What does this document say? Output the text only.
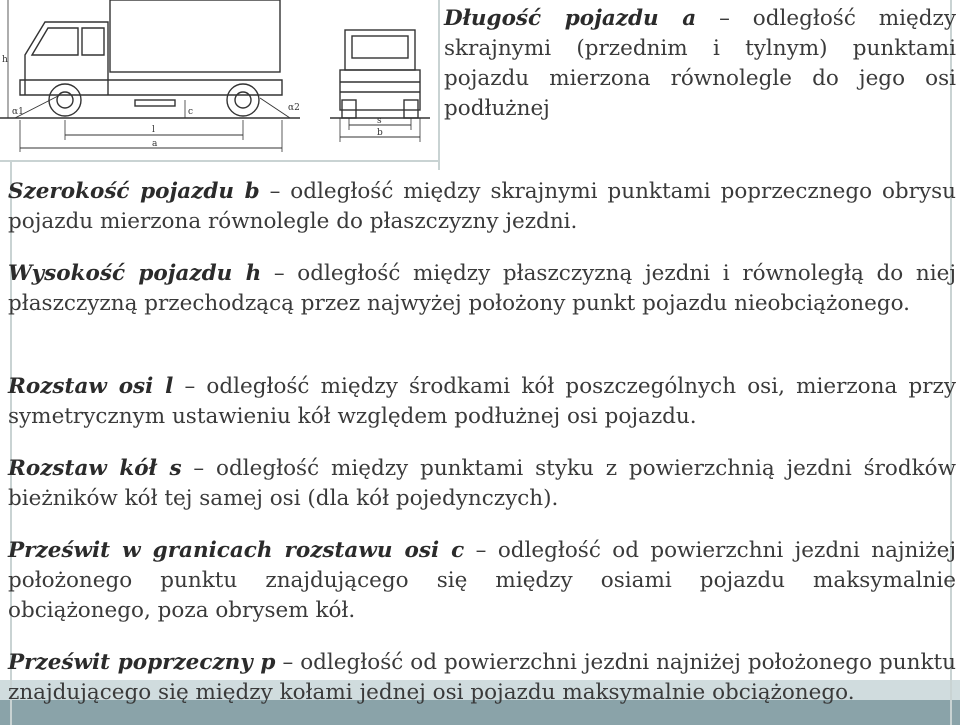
h
α1	α2
c
l
a
s
b

Długość pojazdu a – odległość między skrajnymi (przednim i tylnym) punktami pojazdu mierzona równolegle do jego osi podłużnej

Szerokość pojazdu b – odległość między skrajnymi punktami poprzecznego obrysu pojazdu mierzona równolegle do płaszczyzny jezdni.

Wysokość pojazdu h – odległość między płaszczyzną jezdni i równoległą do niej płaszczyzną przechodzącą przez najwyżej położony punkt pojazdu nieobciążonego.

Rozstaw osi l – odległość między środkami kół poszczególnych osi, mierzona przy symetrycznym ustawieniu kół względem podłużnej osi pojazdu.

Rozstaw kół s – odległość między punktami styku z powierzchnią jezdni środków bieżników kół tej samej osi (dla kół pojedynczych).

Prześwit w granicach rozstawu osi c – odległość od powierzchni jezdni najniżej położonego punktu znajdującego się między osiami pojazdu maksymalnie obciążonego, poza obrysem kół.

Prześwit poprzeczny p – odległość od powierzchni jezdni najniżej położonego punktu znajdującego się między kołami jednej osi pojazdu maksymalnie obciążonego.
